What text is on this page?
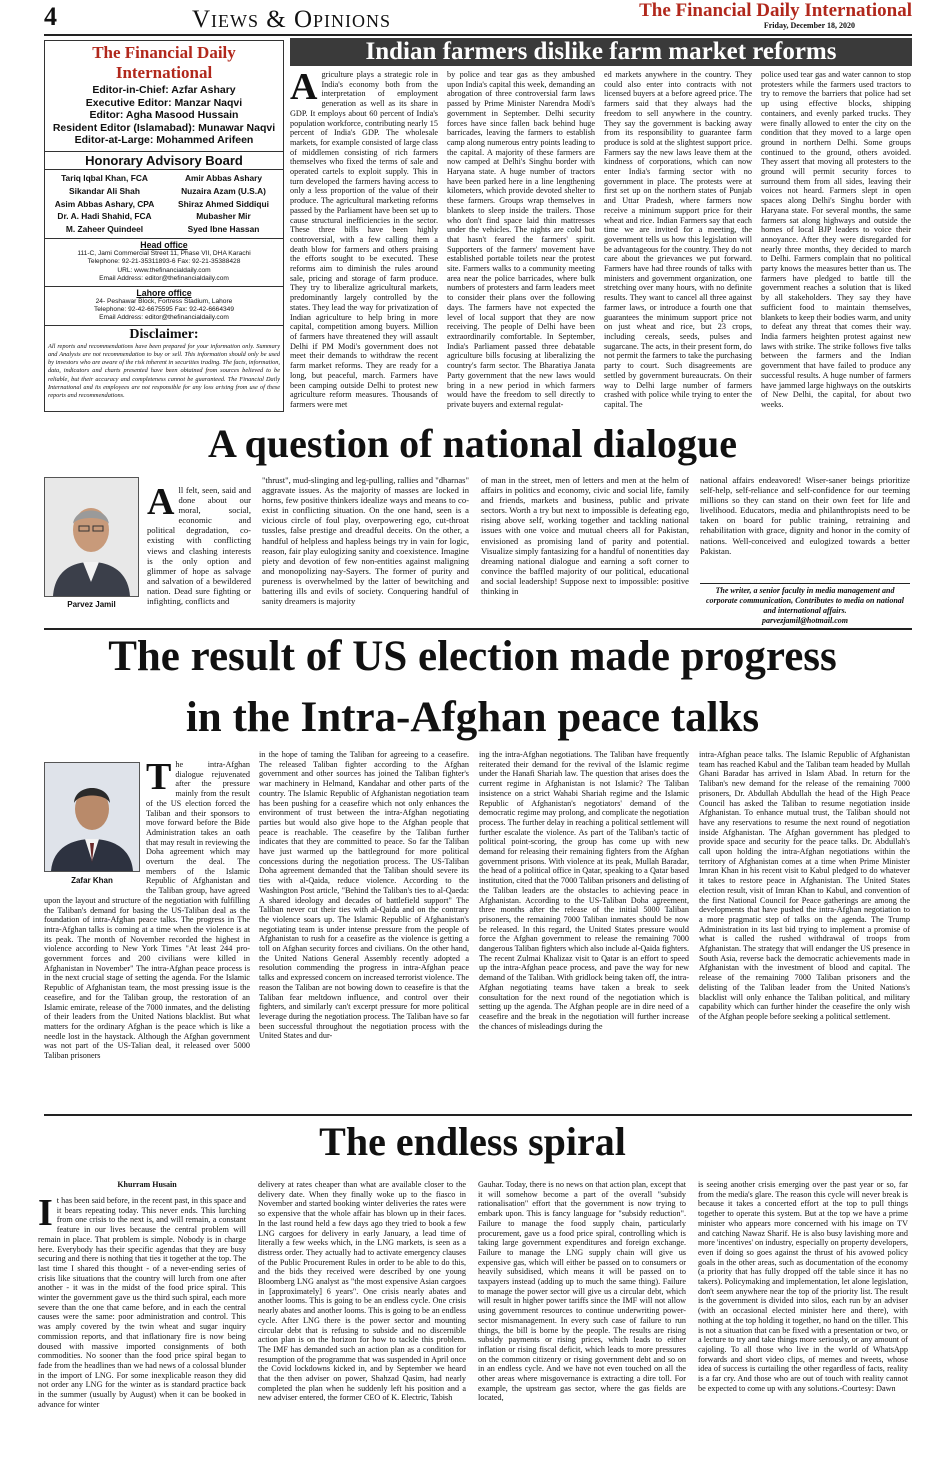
4	Views & Opinions	The Financial Daily International
Friday, December 18, 2020
The Financial Daily International
Editor-in-Chief: Azfar Ashary
Executive Editor: Manzar Naqvi
Editor: Agha Masood Hussain
Resident Editor (Islamabad): Munawar Naqvi
Editor-at-Large: Mohammed Arifeen
Honorary Advisory Board
Tariq Iqbal Khan, FCA	Amir Abbas Ashary
Sikandar Ali Shah	Nuzaira Azam (U.S.A)
Asim Abbas Ashary, CPA	Shiraz Ahmed Siddiqui
Dr. A. Hadi Shahid, FCA	Mubasher Mir
M. Zaheer Quindeel	Syed Ibne Hassan
Head office
111-C, Jami Commercial Street 11, Phase VII, DHA Karachi
Telephone: 92-21-35311893-6 Fax: 92-21-35388428
URL: www.thefinancialdaily.com
Email Address: editor@thefinancialdaily.com
Lahore office
24- Peshawar Block, Fortress Stadium, Lahore
Telephone: 92-42-6675595 Fax: 92-42-6664349
Email Address: editor@thefinancialdaily.com
Disclaimer:
All reports and recommendations have been prepared for your information only. Summary and Analysis are not recommendation to buy or sell. This information should only be used by investors who are aware of the risk inherent in securities trading. The facts, information, data, indicators and charts presented have been obtained from sources believed to be reliable, but their accuracy and completeness cannot be guaranteed. The Financial Daily International and its employees are not responsible for any loss arising from use of these reports and recommendations.
Indian farmers dislike farm market reforms
Agriculture plays a strategic role in India's economy both from the interpretation of employment generation as well as its share in GDP. It employs about 60 percent of India's population workforce, contributing nearly 15 percent of India's GDP. The wholesale markets, for example consisted of large class of middlemen consisting of rich farmers themselves who fixed the terms of sale and operated cartels to exploit supply. This in turn developed the farmers having access to only a less proportion of the value of their produce. The agricultural marketing reforms passed by the Parliament have been set up to cause structural inefficiencies in the sector. These three bills have been highly controversial, with a few calling them a death blow for farmers and others praising the efforts sought to be executed. These reforms aim to diminish the rules around sale, pricing and storage of farm produce. They try to liberalize agricultural markets, predominantly largely controlled by the states. They lead the way for privatization of Indian agriculture to help bring in more capital, competition among buyers. Million of farmers have threatened they will assault Delhi if PM Modi's government does not meet their demands to withdraw the recent farm market reforms. They are ready for a long, but peaceful, march. Farmers have been camping outside Delhi to protest new agriculture reform measures. Thousands of farmers were met
by police and tear gas as they ambushed upon India's capital this week, demanding an abrogation of three controversial farm laws passed by Prime Minister Narendra Modi's government in September. Delhi security forces have since fallen back behind huge barricades, leaving the farmers to establish camp along numerous entry points leading to the capital. A majority of these farmers are now camped at Delhi's Singhu border with Haryana state. A huge number of tractors have been parked here in a line lengthening kilometers, which provide devoted shelter to these farmers. Groups wrap themselves in blankets to sleep inside the trailers. Those who don't find space laid thin mattresses under the vehicles. The nights are cold but that hasn't feared the farmers' spirit. Supporters of the farmers' movement have established portable toilets near the protest site. Farmers walks to a community meeting area near the police barricades, where bulk numbers of protesters and farm leaders meet to consider their plans over the following days. The farmers have not expected the level of local support that they are now receiving. The people of Delhi have been extraordinarily comfortable. In September, India's Parliament passed three debatable agriculture bills focusing at liberalizing the country's farm sector. The Bharatiya Janata Party government that the new laws would bring in a new period in which farmers would have the freedom to sell directly to private buyers and external regulat-
ed markets anywhere in the country. They could also enter into contracts with not licensed buyers at a before agreed price. The farmers said that they always had the freedom to sell anywhere in the country. They say the government is backing away from its responsibility to guarantee farm produce is sold at the slightest support price. Farmers say the new laws leave them at the kindness of corporations, which can now enter India's farming sector with no government in place. The protests were at first set up on the northern states of Punjab and Uttar Pradesh, where farmers now receive a minimum support price for their wheat and rice. Indian Farmers say that each time we are invited for a meeting, the government tells us how this legislation will be advantageous for the country. They do not care about the grievances we put forward. Farmers have had three rounds of talks with ministers and government organization, one stretching over many hours, with no definite results. They want to cancel all three against farmer laws, or introduce a fourth one that guarantees the minimum support price not on just wheat and rice, but 23 crops, including cereals, seeds, pulses and sugarcane. The acts, in their present form, do not permit the farmers to take the purchasing party to court. Such disagreements are settled by government bureaucrats. On their way to Delhi large number of farmers crashed with police while trying to enter the capital. The
police used tear gas and water cannon to stop protesters while the farmers used tractors to try to remove the barriers that police had set up using effective blocks, shipping containers, and evenly parked trucks. They were finally allowed to enter the city on the condition that they moved to a large open ground in northern Delhi. Some groups continued to the ground, others avoided. They assert that moving all protesters to the ground will permit security forces to surround them from all sides, leaving their voices not heard. Farmers slept in open spaces along Delhi's Singhu border with Haryana state. For several months, the same farmers sat along highways and outside the homes of local BJP leaders to voice their annoyance. After they were disregarded for nearly three months, they decided to march to Delhi. Farmers complain that no political party knows the measures better than us. The farmers have pledged to battle till the government reaches a solution that is liked by all stakeholders. They say they have sufficient food to maintain themselves, blankets to keep their bodies warm, and unity to defeat any threat that comes their way. India farmers heighten protest against new laws with strike. The strike follows five talks between the farmers and the Indian government that have failed to produce any successful results. A huge number of farmers have jammed large highways on the outskirts of New Delhi, the capital, for about two weeks.
A question of national dialogue
Parvez Jamil
All felt, seen, said and done about our moral, social, economic and political degradation, co-existing with conflicting views and clashing interests is the only option and glimmer of hope as salvage and salvation of a bewildered nation. Dead sure fighting or infighting, conflicts and
"thrust", mud-slinging and leg-pulling, rallies and "dharnas" aggravate issues. As the majority of masses are locked in horns, few positive thinkers idealize ways and means to co-exist in conflicting situation. On the one hand, seen is a vicious circle of foul play, overpowering ego, cut-throat tussles, false prestige and dreadful deceits. On the other, a handful of helpless and hapless beings try in vain for logic, reason, fair play eulogizing sanity and coexistence. Imagine piety and devotion of few non-entities against maligning and monopolizing nay-Sayers. The former of purity and pureness is overwhelmed by the latter of bewitching and battering ills and evils of society. Conquering handful of sanity dreamers is majority
of man in the street, men of letters and men at the helm of affairs in politics and economy, civic and social life, family and friends, markets and business, public and private sectors. Worth a try but next to impossible is defeating ego, rising above self, working together and tackling national issues with one voice and mutual cheers all for Pakistan, envisioned as promising land of parity and potential. Visualize simply fantasizing for a handful of nonentities day dreaming national dialogue and earning a soft corner to convince the baffled majority of our political, educational and social leadership! Suppose next to impossible: positive thinking in
national affairs endeavored! Wiser-saner beings prioritize self-help, self-reliance and self-confidence for our teeming millions so they can stand on their own feet for life and livelihood. Educators, media and philanthropists need to be taken on board for public training, retraining and rehabilitation with grace, dignity and honor in the comity of nations. Well-conceived and eulogized towards a better Pakistan.
The writer, a senior faculty in media management and corporate communication, Contributes to media on national and international affairs.
parvezjamil@hotmail.com
The result of US election made progress
in the Intra-Afghan peace talks
Zafar Khan
The intra-Afghan dialogue rejuvenated after the pressure mainly from the result of the US election forced the Taliban and their sponsors to move forward before the Bide Administration takes an oath that may result in reviewing the Doha agreement which may overturn the deal. The members of the Islamic Republic of Afghanistan and the Taliban group, have agreed upon the layout and structure of the negotiation with fulfilling the Taliban's demand for basing the US-Taliban deal as the foundation of intra-Afghan peace talks. The progress in The intra-Afghan talks is coming at a time when the violence is at its peak. The month of November recorded the highest in violence according to New York Times "At least 244 pro-government forces and 200 civilians were killed in Afghanistan in November" The intra-Afghan peace process is in the next crucial stage of setting the agenda. For the Islamic Republic of Afghanistan team, the most pressing issue is the ceasefire, and for the Taliban group, the restoration of an Islamic emirate, release of the 7000 inmates, and the delisting of their leaders from the United Nations blacklist. But what matters for the ordinary Afghan is the peace which is like a needle lost in the haystack. Although the Afghan government was not part of the US-Talian deal, it released over 5000 Taliban prisoners
in the hope of taming the Taliban for agreeing to a ceasefire. The released Taliban fighter according to the Afghan government and other sources has joined the Taliban fighter's war machinery in Helmand, Kandahar and other parts of the country. The Islamic Republic of Afghanistan negotiation team has been pushing for a ceasefire which not only enhances the environment of trust between the intra-Afghan negotiating parties but would also give hope to the Afghan people that peace is reachable. The ceasefire by the Taliban further indicates that they are committed to peace. So far the Taliban have just warmed up the battleground for more political concessions during the negotiation process. The US-Taliban Doha agreement demanded that the Taliban should severe its ties with al-Qaida, reduce violence. According to the Washington Post article, "Behind the Taliban's ties to al-Qaeda: A shared ideology and decades of battlefield support" The Taliban never cut their ties with al-Qaida and on the contrary the violence soars up. The Islamic Republic of Afghanistan's negotiating team is under intense pressure from the people of Afghanistan to rush for a ceasefire as the violence is getting a toll on Afghan security forces and civilians. On the other hand, the United Nations General Assembly recently adopted a resolution commending the progress in intra-Afghan peace talks and expressed concern on increased terrorist violence. The reason the Taliban are not bowing down to ceasefire is that the Taliban fear meltdown influence, and control over their fighters, and similarly can't excerpt pressure for more political leverage during the negotiation process. The Taliban have so far been successful throughout the negotiation process with the United States and dur-
ing the intra-Afghan negotiations. The Taliban have frequently reiterated their demand for the revival of the Islamic regime under the Hanafi Shariah law. The question that arises does the current regime in Afghanistan is not Islamic? The Taliban insistence on a strict Wahabi Shariah regime and the Islamic Republic of Afghanistan's negotiators' demand of the democratic regime may prolong, and complicate the negotiation process. The further delay in reaching a political settlement will further escalate the violence. As part of the Taliban's tactic of political point-scoring, the group has come up with new demand for releasing their remaining fighters from the Afghan government prisons. With violence at its peak, Mullah Baradar, the head of a political office in Qatar, speaking to a Qatar based institution, cited that the 7000 Taliban prisoners and delisting of the Taliban leaders are the obstacles to achieving peace in Afghanistan. According to the US-Taliban Doha agreement, three months after the release of the initial 5000 Taliban prisoners, the remaining 7000 Taliban inmates should be now be released. In this regard, the United States pressure would force the Afghan government to release the remaining 7000 dangerous Taliban fighters which also include al-Qaida fighters. The recent Zulmai Khalizaz visit to Qatar is an effort to speed up the intra-Afghan peace process, and pave the way for new demand of the Taliban. With gridlock being taken off, the intra-Afghan negotiating teams have taken a break to seek consultation for the next round of the negotiation which is setting up the agenda. The Afghan people are in dire need of a ceasefire and the break in the negotiation will further increase the chances of misleadings during the
intra-Afghan peace talks. The Islamic Republic of Afghanistan team has reached Kabul and the Taliban team headed by Mullah Ghani Baradar has arrived in Islam Abad. In return for the Taliban's new demand for the release of the remaining 7000 prisoners, Dr. Abdullah Abdullah the head of the High Peace Council has asked the Taliban to resume negotiation inside Afghanistan. To enhance mutual trust, the Taliban should not have any reservations to resume the next round of negotiation inside Afghanistan. The Afghan government has pledged to provide space and security for the peace talks. Dr. Abdullah's call upon holding the intra-Afghan negotiations within the territory of Afghanistan comes at a time when Prime Minister Imran Khan in his recent visit to Kabul pledged to do whatever it takes to restore peace in Afghanistan. The United States election result, visit of Imran Khan to Kabul, and convention of the first National Council for Peace gatherings are among the developments that have pushed the intra-Afghan negotiation to a more pragmatic step of talks on the agenda. The Trump Administration in its last bid trying to implement a promise of what is called the rushed withdrawal of troops from Afghanistan. The strategy that will endanger the US presence in South Asia, reverse back the democratic achievements made in Afghanistan with the investment of blood and capital. The release of the remaining 7000 Taliban prisoners and the delisting of the Taliban leader from the United Nations's blacklist will only enhance the Taliban political, and military capability which can further hinder the ceasefire the only wish of the Afghan people before seeking a political settlement.
The endless spiral
Khurram Husain
It has been said before, in the recent past, in this space and it bears repeating today. This never ends. This lurching from one crisis to the next is, and will remain, a constant feature in our lives because the central problem will remain in place. That problem is simple. Nobody is in charge here. Everybody has their specific agendas that they are busy securing and there is nothing that ties it together at the top. The last time I shared this thought - of a never-ending series of crisis like situations that the country will lurch from one after another - it was in the midst of the food price spiral. This winter the government gave us the third such spiral, each more severe than the one that came before, and in each the central causes were the same: poor administration and control. This was amply covered by the twin wheat and sugar inquiry commission reports, and that inflationary fire is now being doused with massive imported consignments of both commodities. No sooner than the food price spiral began to fade from the headlines than we had news of a colossal blunder in the import of LNG. For some inexplicable reason they did not order any LNG for the winter as is standard practice back in the summer (usually by August) when it can be booked in advance for winter
delivery at rates cheaper than what are available closer to the delivery date. When they finally woke up to the fiasco in November and started booking winter deliveries the rates were so expensive that the whole affair has blown up in their faces. In the last round held a few days ago they tried to book a few LNG cargoes for delivery in early January, a lead time of literally a few weeks which, in the LNG markets, is seen as a distress order. They actually had to activate emergency clauses of the Public Procurement Rules in order to be able to do this, and the bids they received were described by one young Bloomberg LNG analyst as "the most expensive Asian cargoes in [approximately] 6 years". One crisis nearly abates and another looms. This is going to be an endless cycle. One crisis nearly abates and another looms. This is going to be an endless cycle. After LNG there is the power sector and mounting circular debt that is refusing to subside and no discernible action plan is on the horizon for how to tackle this problem. The IMF has demanded such an action plan as a condition for resumption of the programme that was suspended in April once the Covid lockdowns kicked in, and by September we heard that the then adviser on power, Shahzad Qasim, had nearly completed the plan when he suddenly left his position and a new adviser entered, the former CEO of K. Electric, Tabish
Gauhar. Today, there is no news on that action plan, except that it will somehow become a part of the overall "subsidy rationalisation" effort that the government is now trying to embark upon. This is fancy language for "subsidy reduction". Failure to manage the food supply chain, particularly procurement, gave us a food price spiral, controlling which is taking large government expenditures and foreign exchange. Failure to manage the LNG supply chain will give us expensive gas, which will either be passed on to consumers or heavily subsidised, which means it will be passed on to taxpayers instead (adding up to much the same thing). Failure to manage the power sector will give us a circular debt, which will result in higher power tariffs since the IMF will not allow using government resources to continue underwriting power-sector mismanagement. In every such case of failure to run things, the bill is borne by the people. The results are rising subsidy payments or rising prices, which leads to either inflation or rising fiscal deficit, which leads to more pressures on the common citizenry or rising government debt and so on in an endless cycle. And we have not even touched on all the other areas where misgovernance is extracting a dire toll. For example, the upstream gas sector, where the gas fields are located,
is seeing another crisis emerging over the past year or so, far from the media's glare. The reason this cycle will never break is because it takes a concerted effort at the top to pull things together to operate this system. But at the top we have a prime minister who appears more concerned with his image on TV and catching Nawaz Sharif. He is also busy lavishing more and more 'incentives' on industry, especially on property developers, even if doing so goes against the thrust of his avowed policy goals in the other areas, such as documentation of the economy (a priority that has fully dropped off the table since it has no takers). Policymaking and implementation, let alone legislation, don't seem anywhere near the top of the priority list. The result is the government is divided into silos, each run by an adviser (with an occasional elected minister here and there), with nothing at the top holding it together, no hand on the tiller. This is not a situation that can be fixed with a presentation or two, or a lecture to try and take things more seriously, or any amount of cajoling. To all those who live in the world of WhatsApp forwards and short video clips, of memes and tweets, whose idea of success is curtailing the other regardless of facts, reality is a far cry. And those who are out of touch with reality cannot be expected to come up with any solutions.-Courtesy: Dawn
